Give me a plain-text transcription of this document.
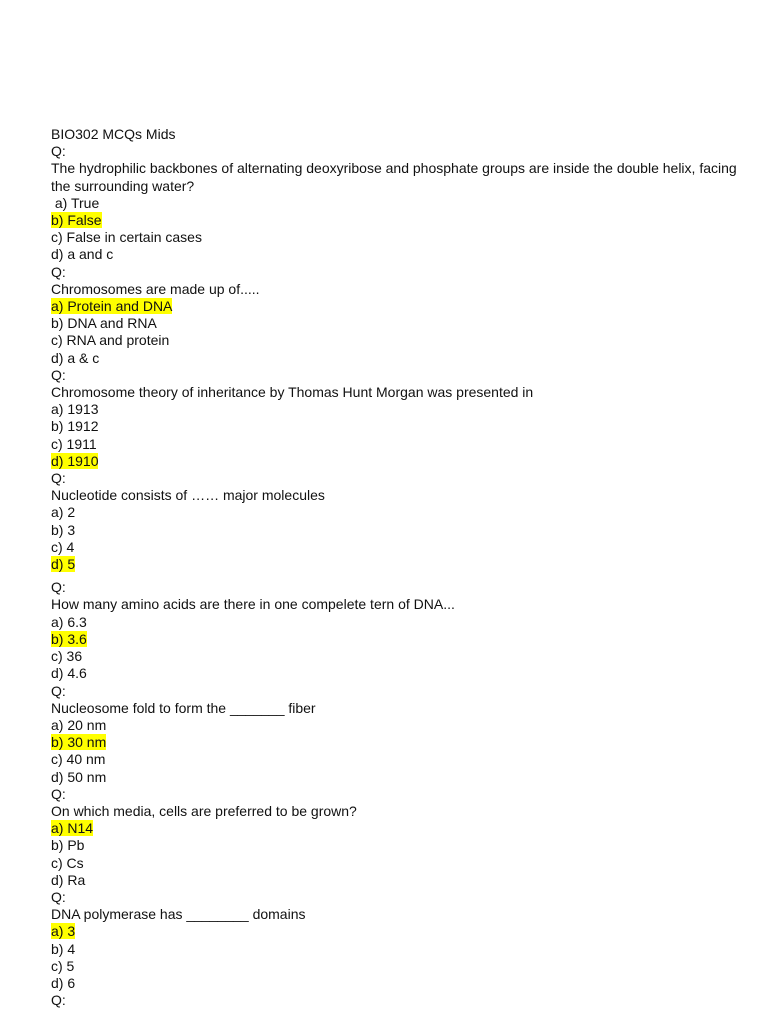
BIO302 MCQs Mids
Q:
The hydrophilic backbones of alternating deoxyribose and phosphate groups are inside the double helix, facing the surrounding water?
a) True
b) False
c) False in certain cases
d) a and c
Q:
Chromosomes are made up of.....
a) Protein and DNA
b) DNA and RNA
c) RNA and protein
d) a & c
Q:
Chromosome theory of inheritance by Thomas Hunt Morgan was presented in
a) 1913
b) 1912
c) 1911
d) 1910
Q:
Nucleotide consists of …… major molecules
a) 2
b) 3
c) 4
d) 5
Q:
How many amino acids are there in one compelete tern of DNA...
a) 6.3
b) 3.6
c) 36
d) 4.6
Q:
Nucleosome fold to form the _______ fiber
a) 20 nm
b) 30 nm
c) 40 nm
d) 50 nm
Q:
On which media, cells are preferred to be grown?
a) N14
b) Pb
c) Cs
d) Ra
Q:
DNA polymerase has ________ domains
a) 3
b) 4
c) 5
d) 6
Q:
